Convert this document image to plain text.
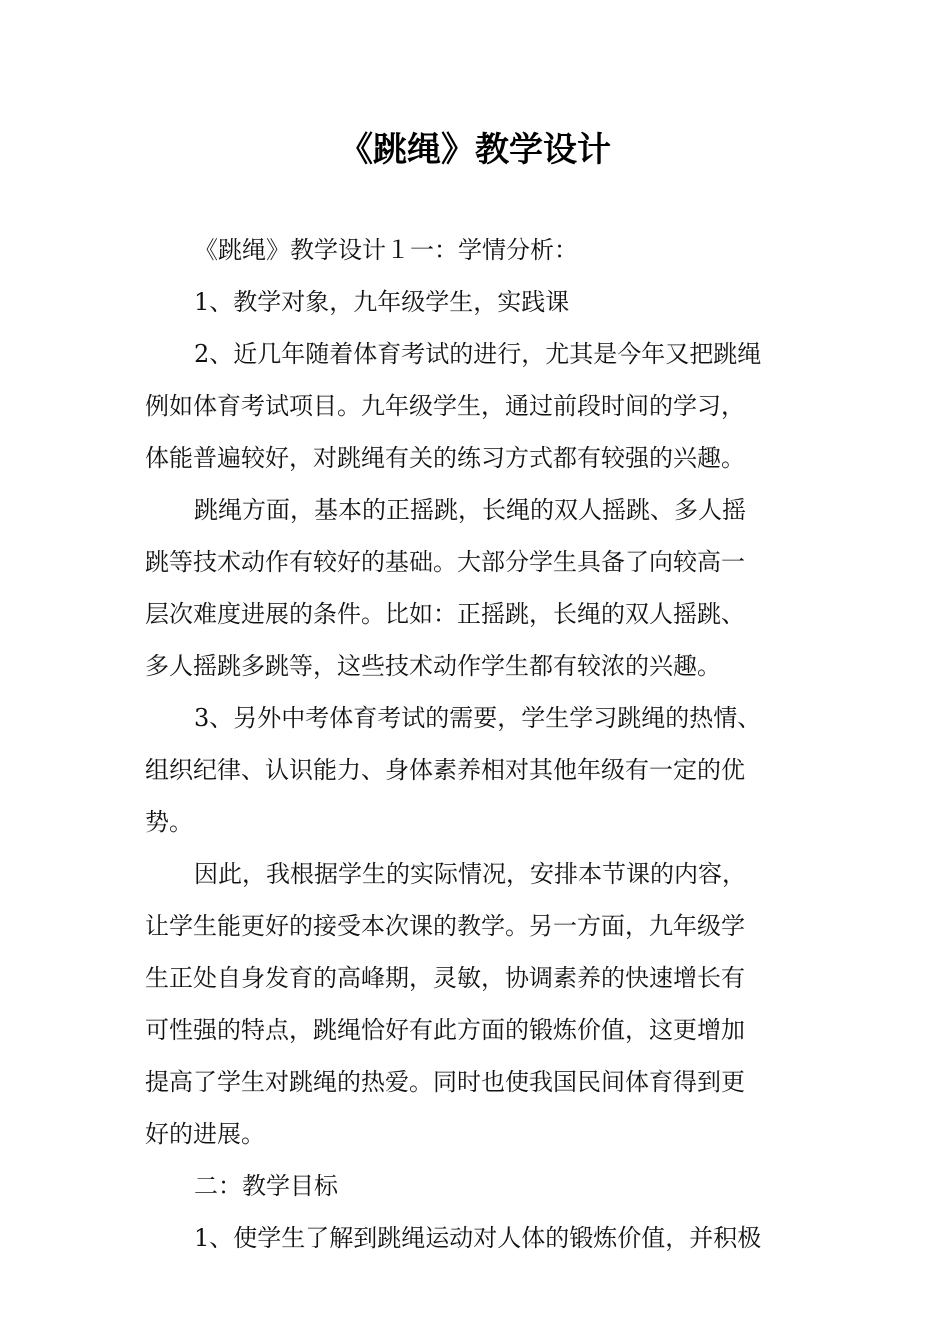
《跳绳》教学设计
《跳绳》教学设计１一：学情分析：
1、教学对象，九年级学生，实践课
2、近几年随着体育考试的进行，尤其是今年又把跳绳
例如体育考试项目。九年级学生，通过前段时间的学习，
体能普遍较好，对跳绳有关的练习方式都有较强的兴趣。
跳绳方面，基本的正摇跳，长绳的双人摇跳、多人摇
跳等技术动作有较好的基础。大部分学生具备了向较高一
层次难度进展的条件。比如：正摇跳，长绳的双人摇跳、
多人摇跳多跳等，这些技术动作学生都有较浓的兴趣。
3、另外中考体育考试的需要，学生学习跳绳的热情、
组织纪律、认识能力、身体素养相对其他年级有一定的优
势。
因此，我根据学生的实际情况，安排本节课的内容，
让学生能更好的接受本次课的教学。另一方面，九年级学
生正处自身发育的高峰期，灵敏，协调素养的快速增长有
可性强的特点，跳绳恰好有此方面的锻炼价值，这更增加
提高了学生对跳绳的热爱。同时也使我国民间体育得到更
好的进展。
二：教学目标
1、使学生了解到跳绳运动对人体的锻炼价值，并积极
